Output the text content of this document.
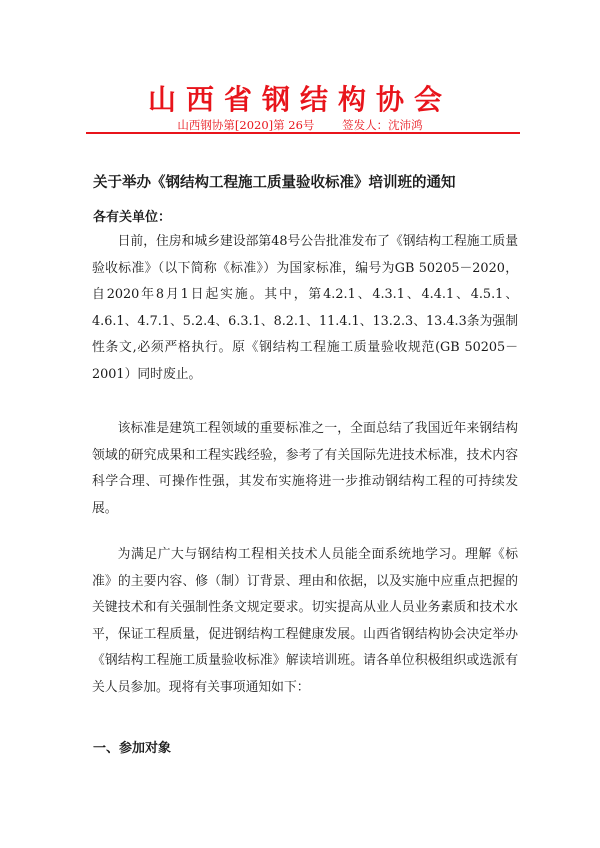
山西省钢结构协会
山西钢协第[2020]第 26号 签发人：沈沛鸿
关于举办《钢结构工程施工质量验收标准》培训班的通知
各有关单位：

日前，住房和城乡建设部第48号公告批准发布了《钢结构工程施工质量验收标准》（以下简称《标准》）为国家标准，编号为GB 50205－2020，自2020年8月1日起实施。其中，第4.2.1、4.3.1、4.4.1、4.5.1、4.6.1、4.7.1、5.2.4、6.3.1、8.2.1、11.4.1、13.2.3、13.4.3条为强制性条文,必须严格执行。原《钢结构工程施工质量验收规范(GB 50205－2001）同时废止。

该标准是建筑工程领域的重要标准之一，全面总结了我国近年来钢结构领域的研究成果和工程实践经验，参考了有关国际先进技术标准，技术内容科学合理、可操作性强，其发布实施将进一步推动钢结构工程的可持续发展。

为满足广大与钢结构工程相关技术人员能全面系统地学习。理解《标准》的主要内容、修（制）订背景、理由和依据，以及实施中应重点把握的关键技术和有关强制性条文规定要求。切实提高从业人员业务素质和技术水平，保证工程质量，促进钢结构工程健康发展。山西省钢结构协会决定举办《钢结构工程施工质量验收标准》解读培训班。请各单位积极组织或选派有关人员参加。现将有关事项通知如下：

一、参加对象
